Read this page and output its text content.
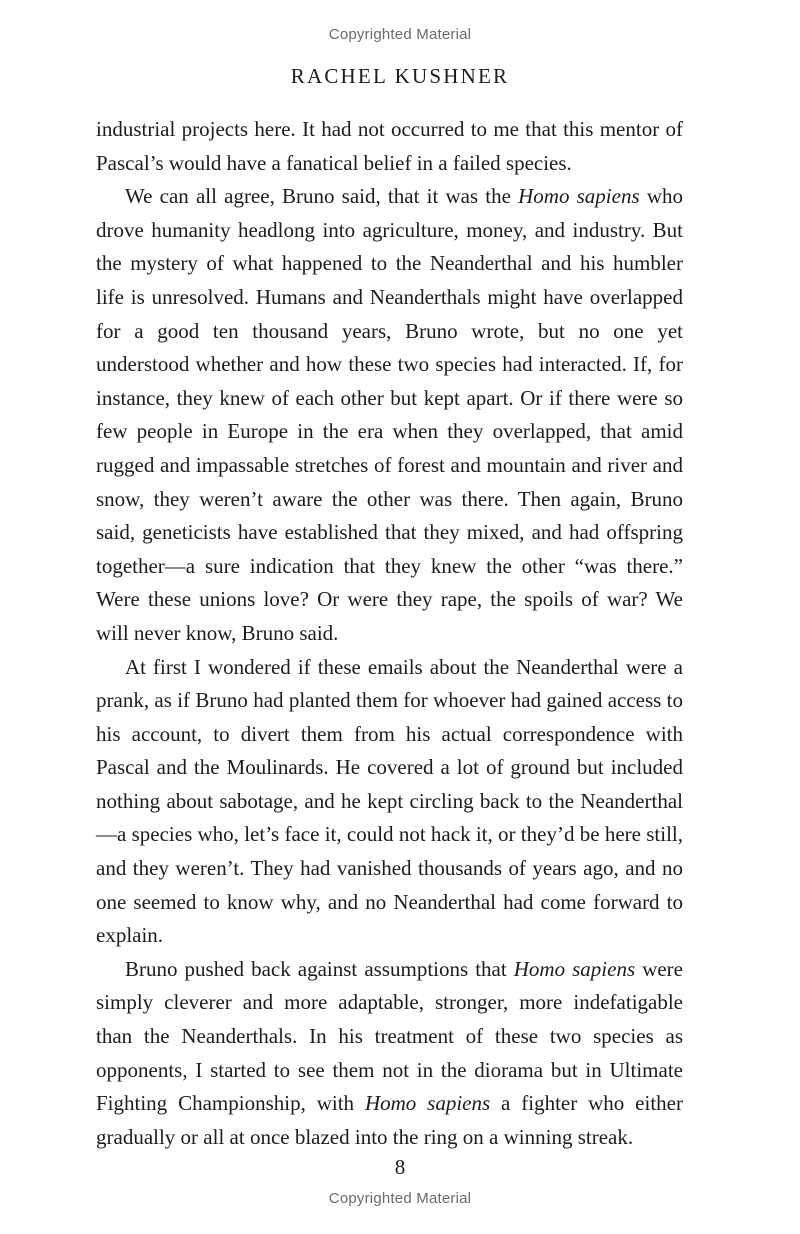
Copyrighted Material
RACHEL KUSHNER

industrial projects here. It had not occurred to me that this mentor of Pascal’s would have a fanatical belief in a failed species.

We can all agree, Bruno said, that it was the Homo sapiens who drove humanity headlong into agriculture, money, and industry. But the mystery of what happened to the Neanderthal and his humbler life is unresolved. Humans and Neanderthals might have overlapped for a good ten thousand years, Bruno wrote, but no one yet understood whether and how these two species had interacted. If, for instance, they knew of each other but kept apart. Or if there were so few people in Europe in the era when they overlapped, that amid rugged and impassable stretches of forest and mountain and river and snow, they weren’t aware the other was there. Then again, Bruno said, geneticists have established that they mixed, and had offspring together—a sure indication that they knew the other “was there.” Were these unions love? Or were they rape, the spoils of war? We will never know, Bruno said.

At first I wondered if these emails about the Neanderthal were a prank, as if Bruno had planted them for whoever had gained access to his account, to divert them from his actual correspondence with Pascal and the Moulinards. He covered a lot of ground but included nothing about sabotage, and he kept circling back to the Neanderthal—a species who, let’s face it, could not hack it, or they’d be here still, and they weren’t. They had vanished thousands of years ago, and no one seemed to know why, and no Neanderthal had come forward to explain.

Bruno pushed back against assumptions that Homo sapiens were simply cleverer and more adaptable, stronger, more indefatigable than the Neanderthals. In his treatment of these two species as opponents, I started to see them not in the diorama but in Ultimate Fighting Championship, with Homo sapiens a fighter who either gradually or all at once blazed into the ring on a winning streak.

8
Copyrighted Material
